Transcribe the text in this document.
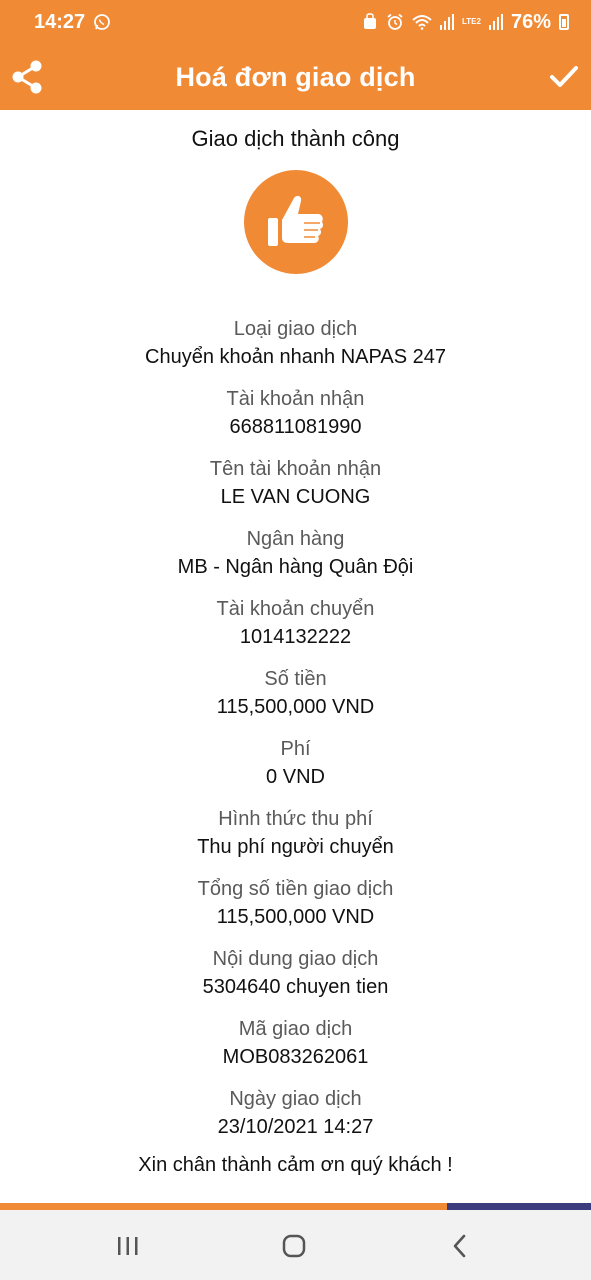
14:27	LTE2 76%
Hoá đơn giao dịch
Giao dịch thành công
Loại giao dịch
Chuyển khoản nhanh NAPAS 247
Tài khoản nhận
668811081990
Tên tài khoản nhận
LE VAN CUONG
Ngân hàng
MB - Ngân hàng Quân Đội
Tài khoản chuyển
1014132222
Số tiền
115,500,000 VND
Phí
0 VND
Hình thức thu phí
Thu phí người chuyển
Tổng số tiền giao dịch
115,500,000 VND
Nội dung giao dịch
5304640 chuyen tien
Mã giao dịch
MOB083262061
Ngày giao dịch
23/10/2021 14:27
Xin chân thành cảm ơn quý khách !
